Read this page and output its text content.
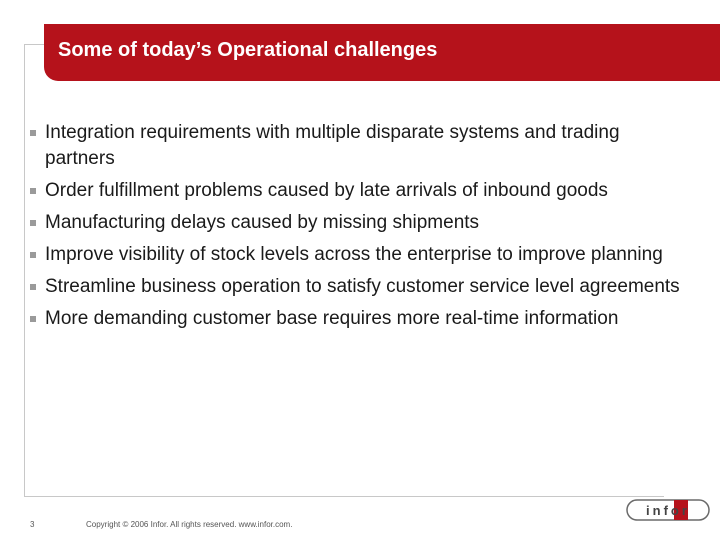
Some of today’s Operational challenges
Integration requirements with multiple disparate systems and trading partners
Order fulfillment problems caused by late arrivals of inbound goods
Manufacturing delays caused by missing shipments
Improve visibility of stock levels across the enterprise to improve planning
Streamline business operation to satisfy customer service level agreements
More demanding customer base requires more real-time information
3	Copyright © 2006 Infor. All rights reserved. www.infor.com.
infor
